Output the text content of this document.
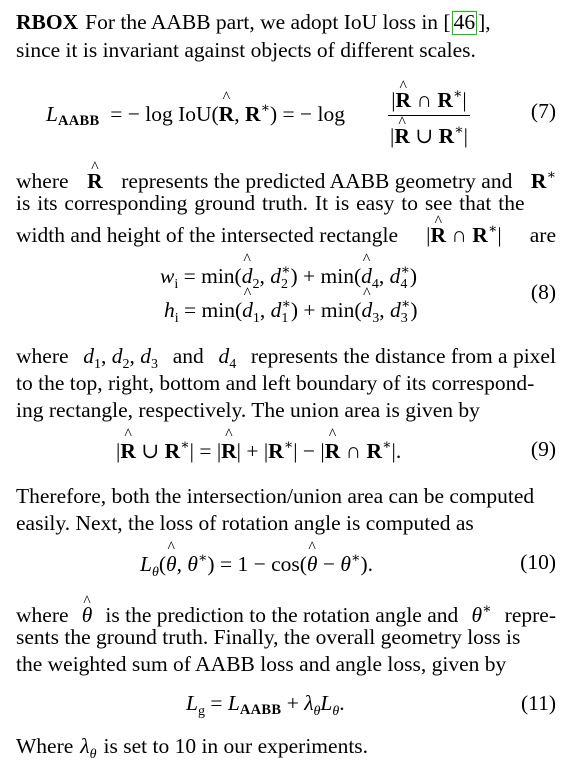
RBOX For the AABB part, we adopt IoU loss in [ 46 ],
since it is invariant against objects of different scales.
LAABB  = − log IoU(^ R, R∗) = − $\log \frac{|\^{} R \cap R^∗|}{|\^{} R \cup R^∗|}$	(7)
where ^ R represents the predicted AABB geometry and R∗
is its corresponding ground truth. It is easy to see that the
width and height of the intersected rectangle |^ R ∩ R∗| are
$w_i$ = min(^ $d_2$, $d_2^∗$) + min(^ $d_4$, $d_4^∗$)
$h_i$ = min(^ $d_1$, $d_1^∗$) + min(^ $d_3$, $d_3^∗$)
(8)
where $d_1$, $d_2$, $d_3$ and $d_4$ represents the distance from a pixel
to the top, right, bottom and left boundary of its correspond-
ing rectangle, respectively. The union area is given by
|^ R ∪ R∗| = |^ R| + |R∗| − |^ R ∩ R∗|.	(9)
Therefore, both the intersection/union area can be computed
easily. Next, the loss of rotation angle is computed as
$L_\theta(\^{}$ θ, θ∗) = 1 − cos(^ θ − θ∗).	(10)
where ^ θ is the prediction to the rotation angle and θ∗ repre-
sents the ground truth. Finally, the overall geometry loss is
the weighted sum of AABB loss and angle loss, given by
$L_g$ = LAABB + $\lambda_\theta L_\theta$.	(11)
Where $\lambda_\theta$ is set to 10 in our experiments.
